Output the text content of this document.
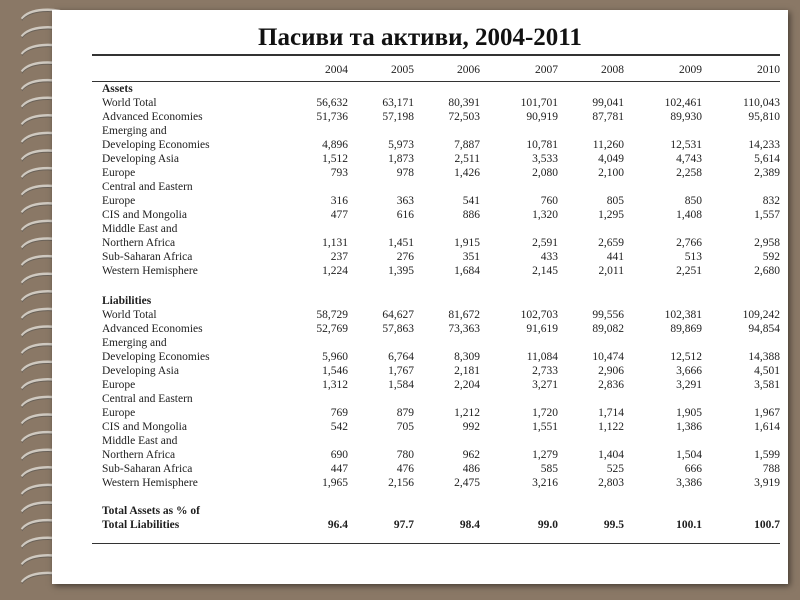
Пасиви та активи, 2004-2011
	2004	2005	2006	2007	2008	2009	2010
Assets							
World Total	56,632	63,171	80,391	101,701	99,041	102,461	110,043
Advanced Economies	51,736	57,198	72,503	90,919	87,781	89,930	95,810
Emerging and							
Developing Economies	4,896	5,973	7,887	10,781	11,260	12,531	14,233
Developing Asia	1,512	1,873	2,511	3,533	4,049	4,743	5,614
Europe	793	978	1,426	2,080	2,100	2,258	2,389
Central and Eastern							
Europe	316	363	541	760	805	850	832
CIS and Mongolia	477	616	886	1,320	1,295	1,408	1,557
Middle East and							
Northern Africa	1,131	1,451	1,915	2,591	2,659	2,766	2,958
Sub-Saharan Africa	237	276	351	433	441	513	592
Western Hemisphere	1,224	1,395	1,684	2,145	2,011	2,251	2,680

Liabilities							
World Total	58,729	64,627	81,672	102,703	99,556	102,381	109,242
Advanced Economies	52,769	57,863	73,363	91,619	89,082	89,869	94,854
Emerging and							
Developing Economies	5,960	6,764	8,309	11,084	10,474	12,512	14,388
Developing Asia	1,546	1,767	2,181	2,733	2,906	3,666	4,501
Europe	1,312	1,584	2,204	3,271	2,836	3,291	3,581
Central and Eastern							
Europe	769	879	1,212	1,720	1,714	1,905	1,967
CIS and Mongolia	542	705	992	1,551	1,122	1,386	1,614
Middle East and							
Northern Africa	690	780	962	1,279	1,404	1,504	1,599
Sub-Saharan Africa	447	476	486	585	525	666	788
Western Hemisphere	1,965	2,156	2,475	3,216	2,803	3,386	3,919

Total Assets as % of							
Total Liabilities	96.4	97.7	98.4	99.0	99.5	100.1	100.7
